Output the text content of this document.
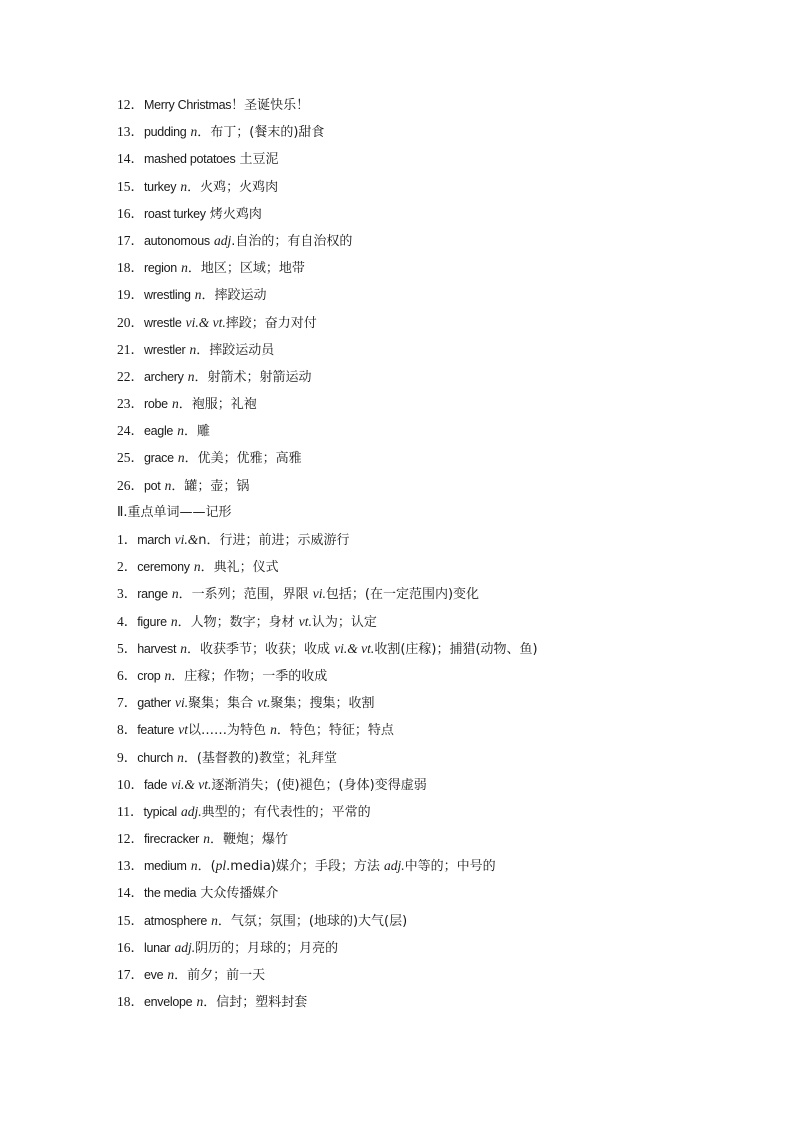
12．Merry Christmas！圣诞快乐！
13．pudding n．布丁；(餐末的)甜食
14．mashed potatoes 土豆泥
15．turkey n．火鸡；火鸡肉
16．roast turkey 烤火鸡肉
17．autonomous adj.自治的；有自治权的
18．region n．地区；区域；地带
19．wrestling n．摔跤运动
20．wrestle vi.& vt.摔跤；奋力对付
21．wrestler n．摔跤运动员
22．archery n．射箭术；射箭运动
23．robe n．袍服；礼袍
24．eagle n．雕
25．grace n．优美；优雅；高雅
26．pot n．罐；壶；锅
Ⅱ.重点单词——记形
1．march vi.&n．行进；前进；示威游行
2．ceremony n．典礼；仪式
3．range n．一系列；范围，界限 vi.包括；(在一定范围内)变化
4．figure n．人物；数字；身材 vt.认为；认定
5．harvest n．收获季节；收获；收成 vi.& vt.收割(庄稼)；捕猎(动物、鱼)
6．crop n．庄稼；作物；一季的收成
7．gather vi.聚集；集合 vt.聚集；搜集；收割
8．feature vt以……为特色 n．特色；特征；特点
9．church n．(基督教的)教堂；礼拜堂
10．fade vi.& vt.逐渐消失；(使)褪色；(身体)变得虚弱
11．typical adj.典型的；有代表性的；平常的
12．firecracker n．鞭炮；爆竹
13．medium n．(pl.media)媒介；手段；方法 adj.中等的；中号的
14．the media 大众传播媒介
15．atmosphere n．气氛；氛围；(地球的)大气(层)
16．lunar adj.阴历的；月球的；月亮的
17．eve n．前夕；前一天
18．envelope n．信封；塑料封套
